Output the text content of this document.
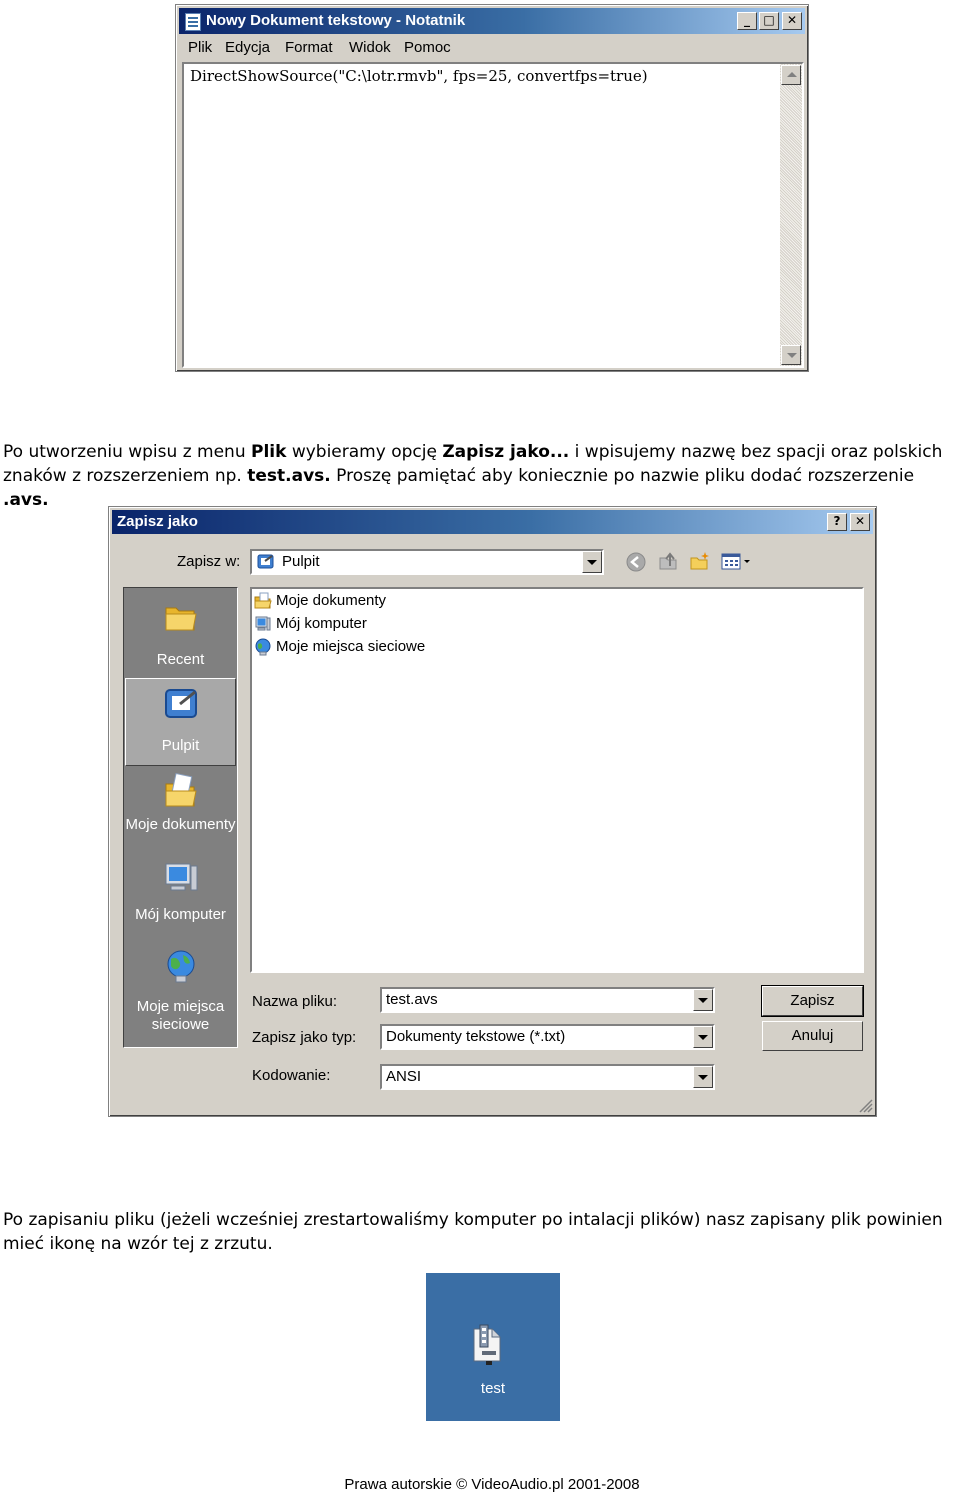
Nowy Dokument tekstowy - Notatnik	_	□	✕
Plik Edycja Format Widok Pomoc
DirectShowSource("C:\lotr.rmvb", fps=25, convertfps=true)
Po utworzeniu wpisu z menu Plik wybieramy opcję Zapisz jako... i wpisujemy nazwę bez spacji oraz polskich znaków z rozszerzeniem np. test.avs. Proszę pamiętać aby koniecznie po nazwie pliku dodać rozszerzenie .avs.
Zapisz jako	?	✕
Zapisz w:	Pulpit
Recent
Pulpit
Moje dokumenty
Mój komputer
Moje miejsca sieciowe
Moje dokumenty
Mój komputer
Moje miejsca sieciowe
Nazwa pliku:	test.avs
Zapisz jako typ: Dokumenty tekstowe (*.txt)
Kodowanie:	ANSI
Zapisz
Anuluj
Po zapisaniu pliku (jeżeli wcześniej zrestartowaliśmy komputer po intalacji plików) nasz zapisany plik powinien mieć ikonę na wzór tej z zrzutu.
test
Prawa autorskie © VideoAudio.pl 2001-2008
